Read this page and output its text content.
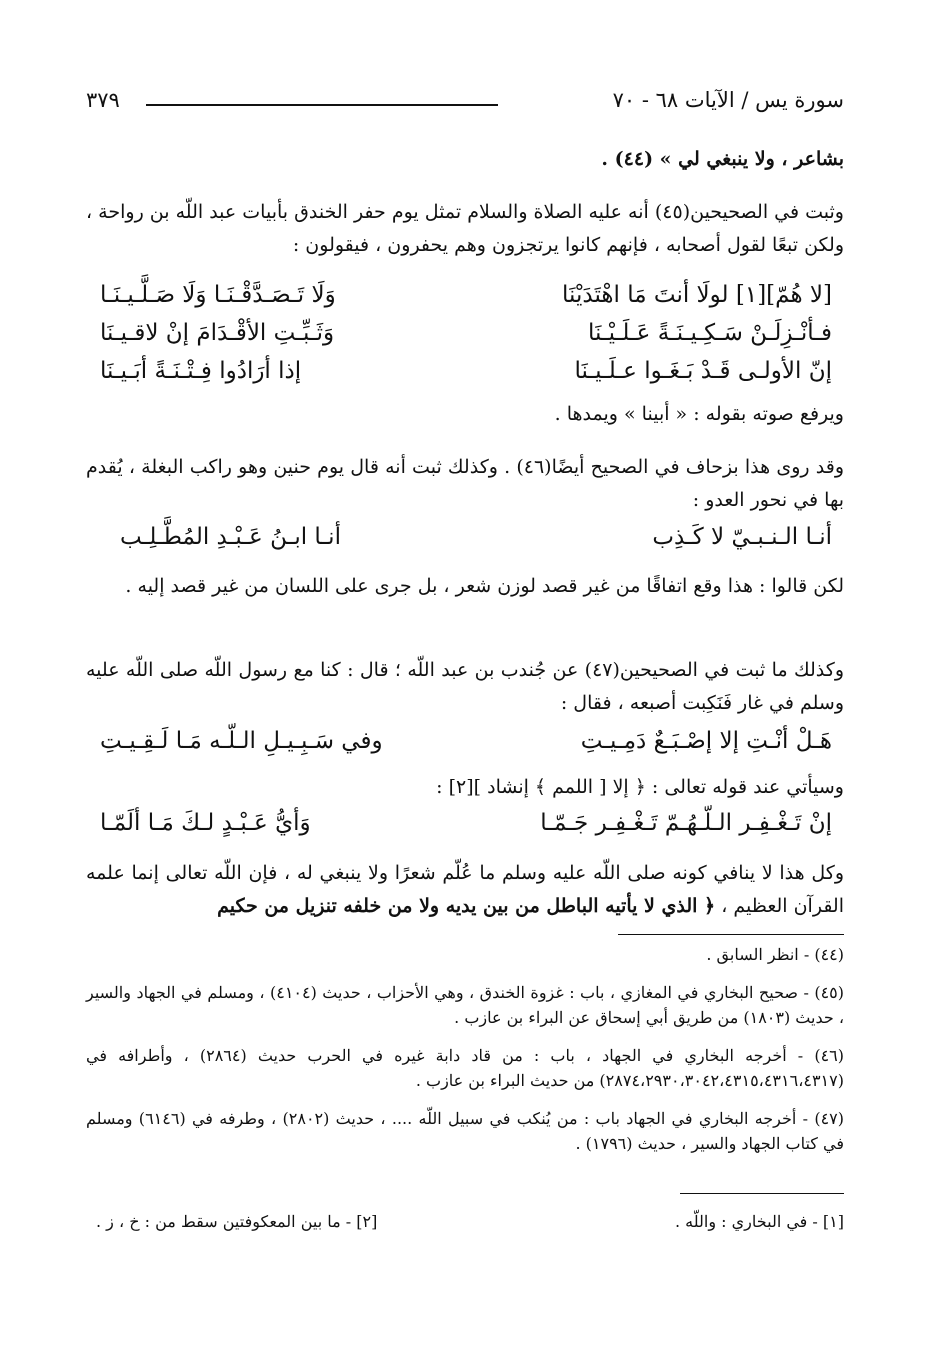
سورة يس / الآيات ٦٨ - ٧٠
٣٧٩
بشاعر ، ولا ينبغي لي » (٤٤) .
وثبت في الصحيحين(٤٥) أنه عليه الصلاة والسلام تمثل يوم حفر الخندق بأبيات عبد اللّه بن رواحة ، ولكن تبعًا لقول أصحابه ، فإنهم كانوا يرتجزون وهم يحفرون ، فيقولون :
[لا هُمّ][١] لولَا أنتَ مَا اهْتَدَيْنَا
وَلَا تَـصَـدَّقْـنَـا وَلَا صَـلَّـيـنَـا
فـأنْـزِلَـنْ سَـكِـيـنَـةً عَـلَـيْـنَا
وَثَـبِّـتِ الأقْـدَامَ إنْ لاقـيـنَا
إنّ الأولـى قَـدْ بَـغَـوا عـلَـيـنَا
إذا أرَادُوا فِـتْـنَـةً أبَـيـنَا
ويرفع صوته بقوله : « أبينا » ويمدها .
وقد روى هذا بزحاف في الصحيح أيضًا(٤٦) . وكذلك ثبت أنه قال يوم حنين وهو راكب البغلة ، يُقدم بها في نحور العدو :
أنـا الـنـبـيّ لا كَـذِب
أنـا ابـنُ عَـبْـدِ المُطَّـلِـب
لكن قالوا : هذا وقع اتفاقًا من غير قصد لوزن شعر ، بل جرى على اللسان من غير قصد إليه .
وكذلك ما ثبت في الصحيحين(٤٧) عن جُندب بن عبد اللّه ؛ قال : كنا مع رسول اللّه صلى اللّه عليه وسلم في غار فَنَكِبت أصبعه ، فقال :
هَـلْ أنْـتِ إلا إصْـبَـعٌ دَمِـيـتِ
وفي سَـبِـيـلِ الـلّـه مَـا لَـقِـيـتِ
وسيأتي عند قوله تعالى : ﴿ إلا [ اللمم ﴾ إنشاد ][٢] :
إنْ تَـغْـفِـر الـلّـهُـمّ تَـغْـفِـر جَـمّـا
وَأيُّ عَـبْـدٍ لـكَ مَـا ألَمّـا
وكل هذا لا ينافي كونه صلى اللّه عليه وسلم ما عُلّم شعرًا ولا ينبغي له ، فإن اللّه تعالى إنما علمه القرآن العظيم ، ﴿ الذي لا يأتيه الباطل من بين يديه ولا من خلفه تنزيل من حكيم
(٤٤) - انظر السابق .
(٤٥) - صحيح البخاري في المغازي ، باب : غزوة الخندق ، وهي الأحزاب ، حديث (٤١٠٤) ، ومسلم في الجهاد والسير ، حديث (١٨٠٣) من طريق أبي إسحاق عن البراء بن عازب .
(٤٦) - أخرجه البخاري في الجهاد ، باب : من قاد دابة غيره في الحرب حديث (٢٨٦٤) ، وأطرافه في (٢٨٧٤،٢٩٣٠،٣٠٤٢،٤٣١٥،٤٣١٦،٤٣١٧) من حديث البراء بن عازب .
(٤٧) - أخرجه البخاري في الجهاد باب : من يُنكب في سبيل اللّه .... ، حديث (٢٨٠٢) ، وطرفه في (٦١٤٦) ومسلم في كتاب الجهاد والسير ، حديث (١٧٩٦) .
[١] - في البخاري : واللّه .
[٢] - ما بين المعكوفتين سقط من : خ ، ز .
